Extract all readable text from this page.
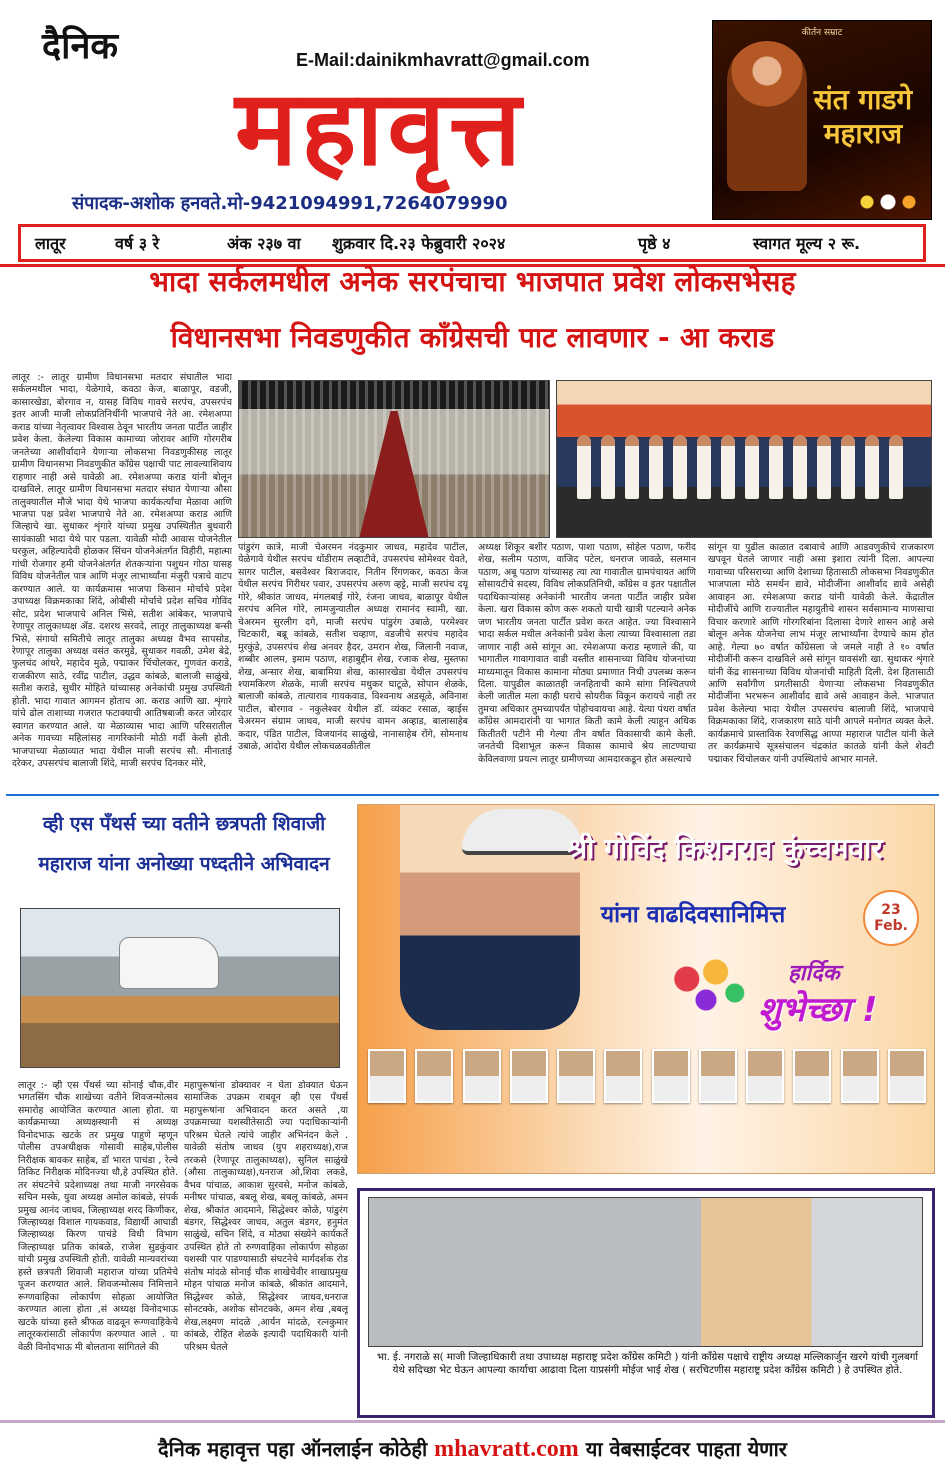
दैनिक	E-Mail:dainikmhavratt@gmail.com
महावृत्त
संपादक-अशोक हनवते.मो-9421094991,7264079990
कीर्तन सम्राट
संत गाडगे महाराज
लातूर	वर्ष ३ रे	अंक २३७ वा	शुक्रवार दि.२३ फेब्रुवारी २०२४	पृष्ठे ४	स्वागत मूल्य २ रू.
भादा सर्कलमधील अनेक सरपंचाचा भाजपात प्रवेश लोकसभेसह
विधानसभा निवडणुकीत काँग्रेसची पाट लावणार - आ कराड
लातूर :- लातूर ग्रामीण विधानसभा मतदार संघातील भादा सर्कलमधील भादा, येळेगावे, कवठा केज, बाळापूर, वडजी, कासारखेडा, बोरगाव न, यासह विविध गावचे सरपंच, उपसरपंच इतर आजी माजी लोकप्रतिनिधींनी भाजपाचे नेते आ. रमेशअप्पा कराड यांच्या नेतृत्वावर विश्वास ठेवून भारतीय जनता पार्टीत जाहीर प्रवेश केला. केलेल्या विकास कामाच्या जोरावर आणि गोरगरीब जनतेच्या आशीर्वादाने येणाऱ्या लोकसभा निवडणुकीसह लातूर ग्रामीण विधानसभा निवडणुकीत काँग्रेस पक्षाची पाट लावल्याशिवाय राहणार नाही असे यावेळी आ. रमेशअप्पा कराड यांनी बोलून दाखविले. लातूर ग्रामीण विधानसभा मतदार संघात येणाऱ्या औसा तालुक्यातील मौजे भादा येथे भाजपा कार्यकर्त्यांचा मेळावा आणि भाजपा पक्ष प्रवेश भाजपाचे नेते आ. रमेशअप्पा कराड आणि जिल्हाचे खा. सुधाकर शृंगारे यांच्या प्रमुख उपस्थितीत बुधवारी सायंकाळी भादा येथे पार पडला. यावेळी मोदी आवास योजनेतील घरकुल, अहिल्यादेवी होळकर सिंचन योजनेअंतर्गत विहीरी, महात्मा गांधी रोजगार हमी योजनेअंतर्गत शेतकऱ्यांना पशुधन गोठा यासह विविध योजनेतील पात्र आणि मंजूर लाभार्थ्यांना मंजुरी पत्राचे वाटप करण्यात आले. या कार्यक्रमास भाजपा किसान मोर्चाचे प्रदेश उपाध्यक्ष विक्रमकाका शिंदे, ओबीसी मोर्चाचे प्रदेश सचिव गोविंद सोट, प्रदेश भाजपाचे अनिल भिसे, सतीश आंबेकर, भाजपाचे रेणापूर तालुकाध्यक्ष ॲड. दशरथ सरवदे, लातूर तालुकाध्यक्ष बन्सी भिसे, संगायो समितीचे लातूर तालुका अध्यक्ष वैभव सापसोड, रेणापूर तालुका अध्यक्ष वसंत करमुडे, सुधाकर गवळी, उमेश बेद्रे, फुलचंद आंधरे, महादेव मुळे, पद्माकर चिंचोलकर, गुणवंत कराडे, राजकीरण साठे, रवींद्र पाटील, उद्धव कांबळे, बालाजी साळुंखे, सतीश कराडे, सुधीर मोहिते यांच्यासह अनेकांची प्रमुख उपस्थिती होती. भादा गावात आगमन होताच आ. कराड आणि खा. शृंगारे यांचे ढोल ताशाच्या गजरात फटाक्याची आतिषबाजी करत जोरदार स्वागत करण्यात आले. या मेळाव्यास भादा आणि परिसरातील अनेक गावच्या महिलांसह नागरिकांनी मोठी गर्दी केली होती. भाजपाच्या मेळाव्यात भादा येथील माजी सरपंच सौ. मीनाताई दरेकर, उपसरपंच बालाजी शिंदे, माजी सरपंच दिनकर मोरे,
पांडुरंग कात्रे, माजी चेअरमन नंदकुमार जाधव, महादेव पाटील, येळेगावे येथील सरपंच धोंडीराम लव्हाटीवे, उपसरपंच सोमेश्वर येवते, सागर पाटील, बसवेश्वर बिराजदार, नितीन रिंगणकर, कवठा केज येथील सरपंच गिरीधर पवार, उपसरपंच अरुण व्हट्टे, माजी सरपंच दयू गोरे, श्रीकांत जाधव, मंगलबाई गोरे, रंजना जाधव, बाळापूर येथील सरपंच अनिल गोरे, लामजुन्यातील अध्यक्ष रामानंद स्वामी, खा. चेअरमन सुरलीग दगे, माजी सरपंच पांडुरंग उबाळे, परमेश्वर चिटकारी, बब्रू कांबळे, सतीश चव्हाण, वडजीचे सरपंच महादेव मुरकुंडे, उपसरपंच शेख अनवर हैदर, उमरान शेख, जिलानी नवाज, शब्बीर आलम, इमाम पठाण, शहाबुद्दीन शेख, रजाक शेख, मुस्तफा शेख, अन्सार शेख, बाबामिया शेख, कासारखेडा येथील उपसरपंच श्यामकिरण शेळके, माजी सरपंच मधुकर घाटूळे, सोपान शेळके, बालाजी कांबळे, तात्याराव गायकवाड, विश्वनाथ अडसूळे, अविनाश पाटील, बोरगाव - नकुलेश्वर येथील डॉ. व्यंकट रसाळ, व्हाईस चेअरमन संग्राम जाधव, माजी सरपंच वामन अव्हाड, बालासाहेब कदार, पंडित पाटील, विजयानंद साळुंखे, नानासाहेब रोंगे, सोमनाथ उबाळे, आंदोरा येथील लोकचळवळीतील
अध्यक्ष शिकूर बशीर पठाण, पाशा पठाण, सोहेल पठाण, फरीद शेख, सलीम पठाण, वाजिद पटेल, धनराज जावळे, सलमान पठाण, अबू पठाण यांच्यासह त्या त्या गावातील ग्रामपंचायत आणि सोसायटीचे सदस्य, विविध लोकप्रतिनिधी, काँग्रेस व इतर पक्षातील पदाधिकाऱ्यांसह अनेकांनी भारतीय जनता पार्टीत जाहीर प्रवेश केला. खरा विकास कोण करू शकतो याची खात्री पटल्याने अनेक जण भारतीय जनता पार्टीत प्रवेश करत आहेत. ज्या विश्वासाने भादा सर्कल मधील अनेकांनी प्रवेश केला त्याच्या विश्वासाला तडा जाणार नाही असे सांगून आ. रमेशअप्पा कराड म्हणाले की, या भागातील गावागावात वाडी वस्तीत शासनाच्या विविध योजनांच्या माध्यमातून विकास कामाना मोठ्या प्रमाणात निधी उपलब्ध करून दिला. यापुढील काळातही जनहिताची कामे सांगा निश्चितपणे केली जातील मला काही घराचे सोयरीक विकून करायचे नाही तर तुमचा अधिकार तुमच्यापर्यंत पोहोचवायचा आहे. येत्या पंधरा वर्षात काँग्रेस आमदारांनी या भागात किती कामे केली त्याहून अधिक कितीतरी पटीने मी गेल्या तीन वर्षात विकासाची कामे केली. जनतेची दिशाभूल करून विकास कामाचे श्रेय लाटण्याचा केविलवाणा प्रयत्न लातूर ग्रामीणच्या आमदारकडून होत असल्याचे
सांगून या पुढील काळात दबावाचे आणि आडवणुकीचे राजकारण खपवून घेतले जाणार नाही असा इशारा त्यांनी दिला. आपल्या गावाच्या परिसराच्या आणि देशाच्या हितासाठी लोकसभा निवडणुकीत भाजपाला मोठे समर्थन द्यावे, मोदीजींना आशीर्वाद द्यावे असेही आवाहन आ. रमेशअप्पा कराड यांनी यावेळी केले. केंद्रातील मोदीजींचे आणि राज्यातील महायुतीचे शासन सर्वसामान्य माणसाचा विचार करणारे आणि गोरगरिबांना दिलासा देणारे शासन आहे असे बोलून अनेक योजनेचा लाभ मंजूर लाभार्थ्यांना देण्याचे काम होत आहे. गेल्या ७० वर्षात काँग्रेसला जे जमले नाही ते १० वर्षात मोदीजींनी करून दाखविले असे सांगून यावसंशी खा. सुधाकर शृंगारे यांनी केंद्र शासनाच्या विविध योजनांची माहिती दिली. देश हितासाठी आणि सर्वांगीण प्रगतीसाठी येणाऱ्या लोकसभा निवडणुकीत मोदीजींना भरभरून आशीर्वाद द्यावे असे आवाहन केले. भाजपात प्रवेश केलेल्या भादा येथील उपसरपंच बालाजी शिंदे, भाजपाचे विक्रमकाका शिंदे, राजकारण साठे यांनी आपले मनोगत व्यक्त केले. कार्यक्रमाचे प्रास्ताविक रेवणसिद्ध आप्पा महाराज पाटील यांनी केले तर कार्यक्रमाचे सूत्रसंचालन चंद्रकांत कातळे यांनी केले शेवटी पद्माकर चिंचोलकर यांनी उपस्थितांचे आभार मानले.
व्ही एस पँथर्स च्या वतीने छत्रपती शिवाजी महाराज यांना अनोख्या पध्दतीने अभिवादन
लातूर :- व्ही एस पँथर्स च्या सोनाई चौक,वीर भगतसिंग चौक शाखेच्या वतीने शिवजन्मोत्सव समारोह आयोजित करण्यात आला होता. या कार्यक्रमाच्या अध्यक्षस्थानी सं अध्यक्ष विनोदभाऊ खटके तर प्रमुख पाहुणे म्हणून पोलीस उपअधीक्षक गोसावी साहेब,पोलीस निरीक्षक बावकर साहेब, डॉ भारत पाचंडा , रेल्वे तिकिट निरीक्षक मोदिनज्या धौ,हे उपस्थित होते. तर संघटनेचे प्रदेशाध्यक्ष तथा माजी नगरसेवक सचिन मस्के, युवा अध्यक्ष अमोल कांबळे, संपर्क प्रमुख आनंद जाधव, जिल्हाध्यक्ष शरद किणीकर, जिल्हाध्यक्ष विशाल गायकवाड, विद्यार्थी आघाडी जिल्हाध्यक्ष किरण पाचंडे विधी विभाग जिल्हाध्यक्ष प्रतिक कांबळे, राजेश सुडकुंवार यांची प्रमुख उपस्थिती होती. यावेळी मान्यवरांच्या हस्ते छत्रपती शिवाजी महाराज यांच्या प्रतिमेचे पूजन करण्यात आले. शिवजन्मोत्सव निमित्ताने रूग्णवाहिका लोकार्पण सोहळा आयोजित करण्यात आला होता ,सं अध्यक्ष विनोदभाऊ खटके यांच्या हस्ते श्रीफळ वाढवून रूग्णवाहिकेचे लातूरकरांसाठी लोकार्पण करण्यात आले . या वेळी विनोदभाऊ मी बोलताना सांगितले की
महापुरूषांना डोक्यावर न घेता डोक्यात घेऊन सामाजिक उपक्रम राबवून व्ही एस पँथर्स महापुरूषांना अभिवादन करत असते ,या उपक्रमाच्या यशस्वीतेसाठी ज्या पदाधिकाऱ्यांनी परिश्रम घेतले त्यांचे जाहीर अभिनंदन केले . यावेळी संतोष जाधव (युप शहराध्यक्ष),राज तरकसे (रेणापूर तालुकाध्यक्ष), सुनिल साळुंखे (औसा तालुकाध्यक्ष),धनराज ओ,शिवा लकडे, वैभव पांचाळ, आकाश सुरवसे, मनोज कांबळे, मनीषर पांचाळ, बबलू शेख, बबलू कांबळे, अमन शेख, श्रीकांत आदमाने, सिद्धेश्वर कोळे, पांडुरंग बंडगर, सिद्धेश्वर जाधव, अतुल बंडगर, हनुमंत साळुंखे, सचिन शिंदे, व मोठ्या संख्येने कार्यकर्ते उपस्थित होते तो रुग्णवाहिका लोकार्पण सोहळा यशस्वी पार पाडण्यासाठी संघटनेचे मार्गदर्शक रोड संतोष मांदळे सोनाई चौक शाखेचेवीर शाखाप्रमुख मोहन पांचाळ मनोज कांबळे, श्रीकांत आदमाने, सिद्धेश्वर कोळे, सिद्धेश्वर जाधव,धनराज सोनटक्के, अशोक सोनटक्के, अमन शेख ,बबलू शेख,लक्ष्मण मांदळे ,आर्यन मांदळे, रत्नकुमार कांबळे, रोहित शेळके इत्यादी पदाधिकारी यांनी परिश्रम घेतले
श्री गोविंद किशनराव कुंच्चमवार
यांना वाढदिवसानिमित्त	23 Feb.
हार्दिक
शुभेच्छा !
भा. ई. नगराळे स( माजी जिल्हाधिकारी तथा उपाध्यक्ष महाराष्ट्र प्रदेश काँग्रेस कमिटी ) यांनी काँग्रेस पक्षाचे राष्ट्रीय अध्यक्ष मल्लिकार्जुन खरगे यांची गुलबर्गा येथे सदिच्छा भेट घेऊन आपल्या कार्याचा आढावा दिला याप्रसंगी मोईज भाई शेख ( सरचिटणीस महाराष्ट्र प्रदेश काँग्रेस कमिटी ) हे उपस्थित होते.
दैनिक महावृत्त पहा ऑनलाईन कोठेही mhavratt.com या वेबसाईटवर पाहता येणार
